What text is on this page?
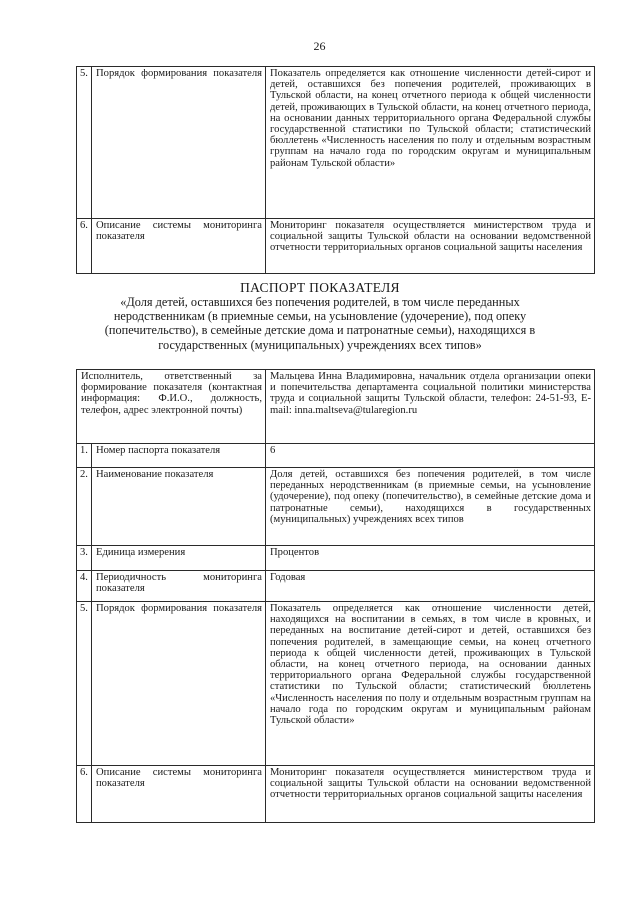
26
5.	Порядок формирования показателя	Показатель определяется как отношение численности детей-сирот и детей, оставшихся без попечения родителей, проживающих в Тульской области, на конец отчетного периода к общей численности детей, проживающих в Тульской области, на конец отчетного периода, на основании данных территориального органа Федеральной службы государственной статистики по Тульской области; статистический бюллетень «Численность населения по полу и отдельным возрастным группам на начало года по городским округам и муниципальным районам Тульской области»
6.	Описание системы мониторинга показателя	Мониторинг показателя осуществляется министерством труда и социальной защиты Тульской области на основании ведомственной отчетности территориальных органов социальной защиты населения
ПАСПОРТ ПОКАЗАТЕЛЯ
«Доля детей, оставшихся без попечения родителей, в том числе переданных неродственникам (в приемные семьи, на усыновление (удочерение), под опеку (попечительство), в семейные детские дома и патронатные семьи), находящихся в государственных (муниципальных) учреждениях всех типов»
Исполнитель, ответственный за формирование показателя (контактная информация: Ф.И.О., должность, телефон, адрес электронной почты)		Мальцева Инна Владимировна, начальник отдела организации опеки и попечительства департамента социальной политики министерства труда и социальной защиты Тульской области, телефон: 24-51-93, E-mail: inna.maltseva@tularegion.ru
1.	Номер паспорта показателя	6
2.	Наименование показателя	Доля детей, оставшихся без попечения родителей, в том числе переданных неродственникам (в приемные семьи, на усыновление (удочерение), под опеку (попечительство), в семейные детские дома и патронатные семьи), находящихся в государственных (муниципальных) учреждениях всех типов
3.	Единица измерения	Процентов
4.	Периодичность мониторинга показателя	Годовая
5.	Порядок формирования показателя	Показатель определяется как отношение численности детей, находящихся на воспитании в семьях, в том числе в кровных, и переданных на воспитание детей-сирот и детей, оставшихся без попечения родителей, в замещающие семьи, на конец отчетного периода к общей численности детей, проживающих в Тульской области, на конец отчетного периода, на основании данных территориального органа Федеральной службы государственной статистики по Тульской области; статистический бюллетень «Численность населения по полу и отдельным возрастным группам на начало года по городским округам и муниципальным районам Тульской области»
6.	Описание системы мониторинга показателя	Мониторинг показателя осуществляется министерством труда и социальной защиты Тульской области на основании ведомственной отчетности территориальных органов социальной защиты населения
